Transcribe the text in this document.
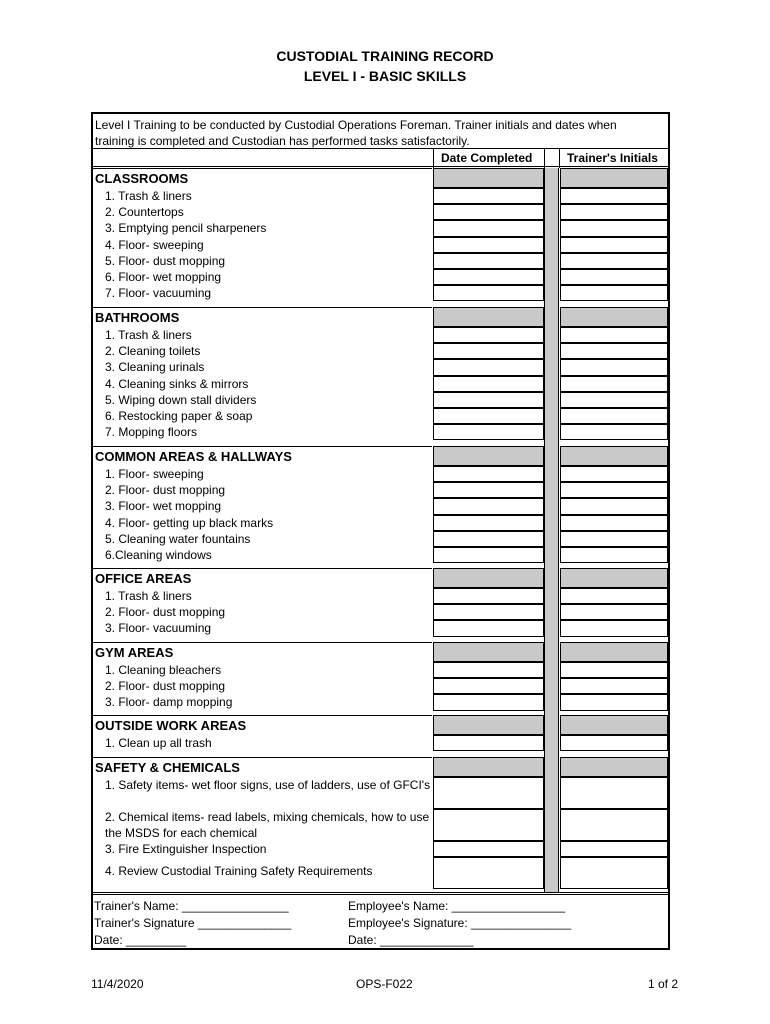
CUSTODIAL TRAINING RECORD
LEVEL I - BASIC SKILLS
Level I Training to be conducted by Custodial Operations Foreman. Trainer initials and dates when
training is completed and Custodian has performed tasks satisfactorily.
Date Completed	Trainer's Initials
CLASSROOMS
1. Trash & liners
2. Countertops
3. Emptying pencil sharpeners
4. Floor- sweeping
5. Floor- dust mopping
6. Floor- wet mopping
7. Floor- vacuuming
BATHROOMS
1. Trash & liners
2. Cleaning toilets
3. Cleaning urinals
4. Cleaning sinks & mirrors
5. Wiping down stall dividers
6. Restocking paper & soap
7. Mopping floors
COMMON AREAS & HALLWAYS
1. Floor- sweeping
2. Floor- dust mopping
3. Floor- wet mopping
4. Floor- getting up black marks
5. Cleaning water fountains
6.Cleaning windows
OFFICE AREAS
1. Trash & liners
2. Floor- dust mopping
3. Floor- vacuuming
GYM AREAS
1. Cleaning bleachers
2. Floor- dust mopping
3. Floor- damp mopping
OUTSIDE WORK AREAS
1. Clean up all trash
SAFETY & CHEMICALS
1. Safety items- wet floor signs, use of ladders, use of GFCI's
2. Chemical items- read labels, mixing chemicals, how to use the MSDS for each chemical
3. Fire Extinguisher Inspection
4. Review Custodial Training Safety Requirements
Trainer's Name: ________________
Trainer's Signature ______________
Date: _________
Employee's Name: _________________
Employee's Signature: _______________
Date: ______________
11/4/2020	OPS-F022	1 of 2
